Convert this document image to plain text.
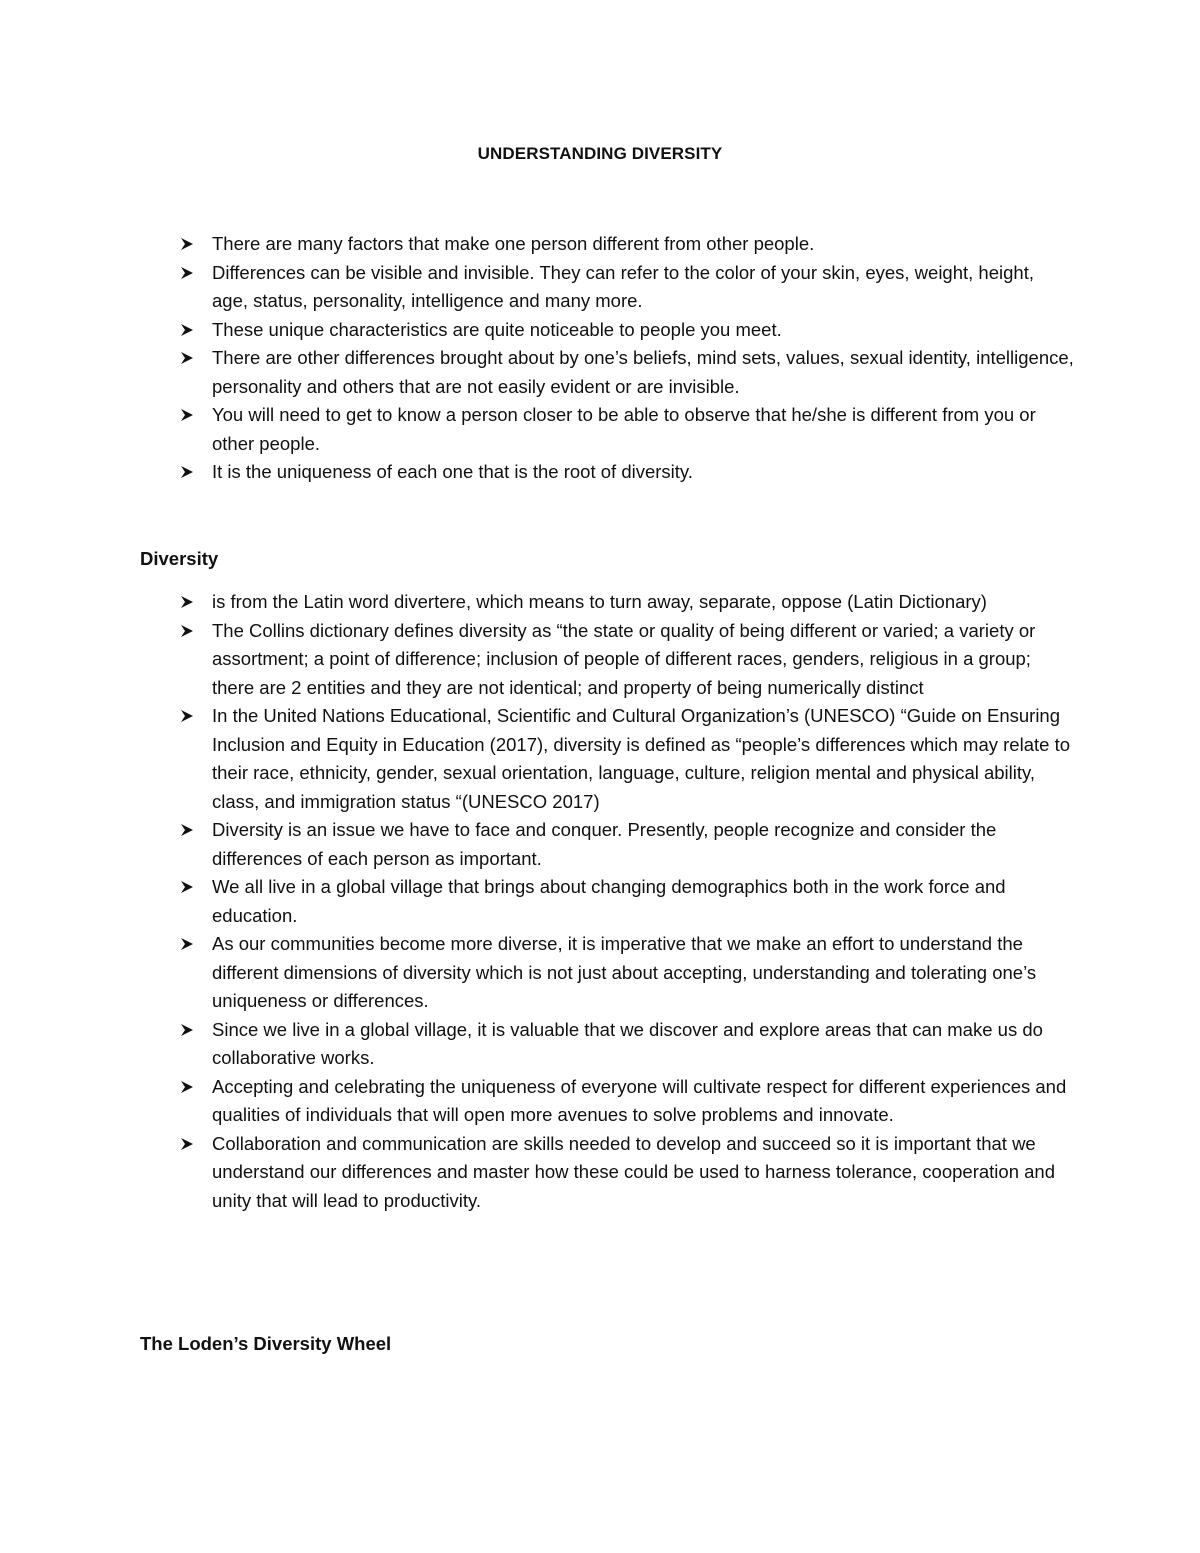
UNDERSTANDING DIVERSITY
There are many factors that make one person different from other people.
Differences can be visible and invisible. They can refer to the color of your skin, eyes, weight, height, age, status, personality, intelligence and many more.
These unique characteristics are quite noticeable to people you meet.
There are other differences brought about by one’s beliefs, mind sets, values, sexual identity, intelligence, personality and others that are not easily evident or are invisible.
You will need to get to know a person closer to be able to observe that he/she is different from you or other people.
It is the uniqueness of each one that is the root of diversity.
Diversity
is from the Latin word divertere, which means to turn away, separate, oppose (Latin Dictionary)
The Collins dictionary defines diversity as “the state or quality of being different or varied; a variety or assortment; a point of difference; inclusion of people of different races, genders, religious in a group; there are 2 entities and they are not identical; and property of being numerically distinct
In the United Nations Educational, Scientific and Cultural Organization’s (UNESCO) “Guide on Ensuring Inclusion and Equity in Education (2017), diversity is defined as “people’s differences which may relate to their race, ethnicity, gender, sexual orientation, language, culture, religion mental and physical ability, class, and immigration status “(UNESCO 2017)
Diversity is an issue we have to face and conquer. Presently, people recognize and consider the differences of each person as important.
We all live in a global village that brings about changing demographics both in the work force and education.
As our communities become more diverse, it is imperative that we make an effort to understand the different dimensions of diversity which is not just about accepting, understanding and tolerating one’s uniqueness or differences.
Since we live in a global village, it is valuable that we discover and explore areas that can make us do collaborative works.
Accepting and celebrating the uniqueness of everyone will cultivate respect for different experiences and qualities of individuals that will open more avenues to solve problems and innovate.
Collaboration and communication are skills needed to develop and succeed so it is important that we understand our differences and master how these could be used to harness tolerance, cooperation and unity that will lead to productivity.
The Loden’s Diversity Wheel
